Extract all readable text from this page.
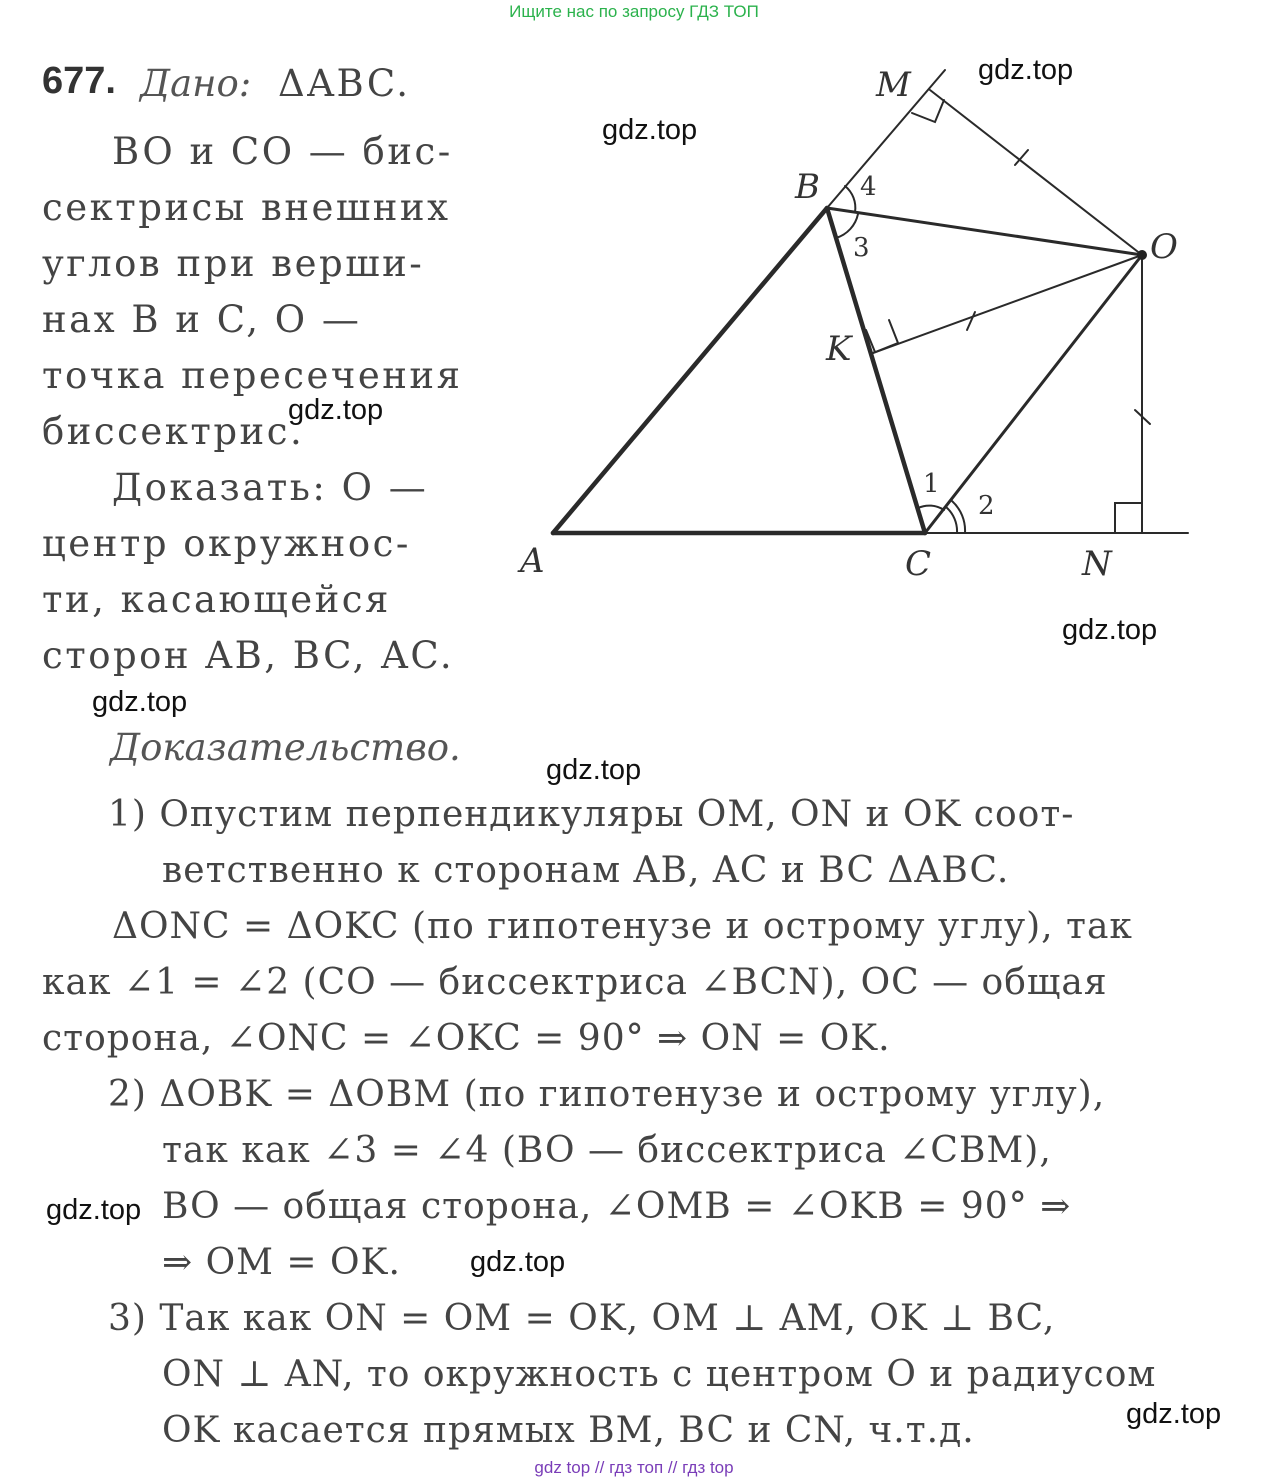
Ищите нас по запросу ГДЗ ТОП
M
B
O
K
A	C	N
4
3
1
2
677. Дано: ΔABC.
BO и CO — бис-
сектрисы внешних
углов при верши-
нах B и C, O —
точка пересечения
биссектрис.
Доказать: O —
центр окружнос-
ти, касающейся
сторон AB, BC, AC.
Доказательство.
1) Опустим перпендикуляры OM, ON и OK соот-
ветственно к сторонам AB, AC и BC ΔABC.
ΔONC = ΔOKC (по гипотенузе и острому углу), так
как ∠1 = ∠2 (CO — биссектриса ∠BCN), OC — общая
сторона, ∠ONC = ∠OKC = 90° ⇒ ON = OK.
2) ΔOBK = ΔOBM (по гипотенузе и острому углу),
так как ∠3 = ∠4 (BO — биссектриса ∠CBM),
BO — общая сторона, ∠OMB = ∠OKB = 90° ⇒
⇒ OM = OK.
3) Так как ON = OM = OK, OM ⊥ AM, OK ⊥ BC,
ON ⊥ AN, то окружность с центром O и радиусом
OK касается прямых BM, BC и CN, ч.т.д.
gdz.top
gdz.top
gdz.top
gdz.top
gdz.top
gdz.top
gdz.top
gdz.top
gdz.top
gdz top // гдз топ // гдз top
